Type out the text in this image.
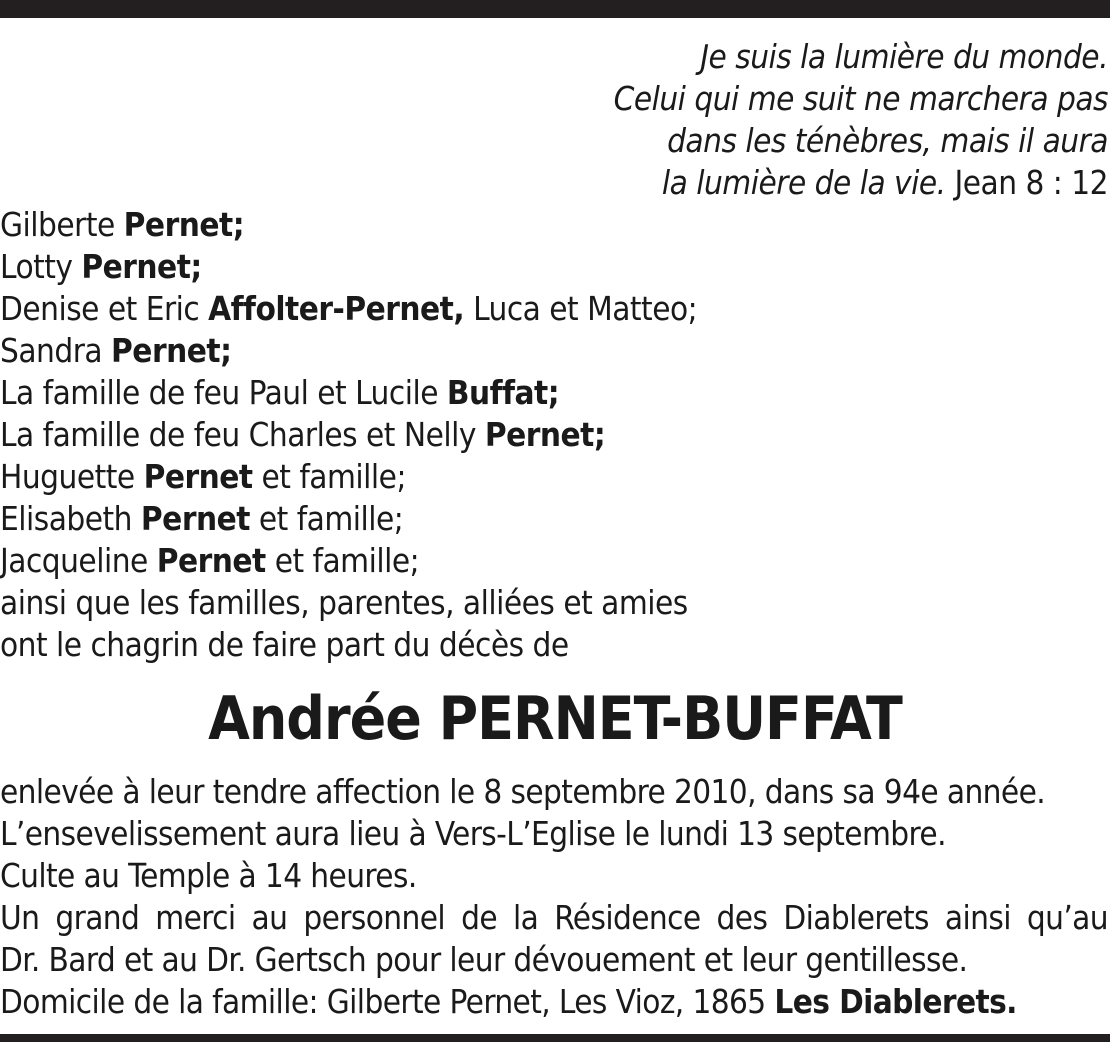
Je suis la lumière du monde.
Celui qui me suit ne marchera pas
dans les ténèbres, mais il aura
la lumière de la vie. Jean 8 : 12
Gilberte Pernet;
Lotty Pernet;
Denise et Eric Affolter-Pernet, Luca et Matteo;
Sandra Pernet;
La famille de feu Paul et Lucile Buffat;
La famille de feu Charles et Nelly Pernet;
Huguette Pernet et famille;
Elisabeth Pernet et famille;
Jacqueline Pernet et famille;
ainsi que les familles, parentes, alliées et amies
ont le chagrin de faire part du décès de
Andrée PERNET-BUFFAT
enlevée à leur tendre affection le 8 septembre 2010, dans sa 94e année.
L’ensevelissement aura lieu à Vers-L’Eglise le lundi 13 septembre.
Culte au Temple à 14 heures.
Un grand merci au personnel de la Résidence des Diablerets ainsi qu’au
Dr. Bard et au Dr. Gertsch pour leur dévouement et leur gentillesse.
Domicile de la famille: Gilberte Pernet, Les Vioz, 1865 Les Diablerets.
